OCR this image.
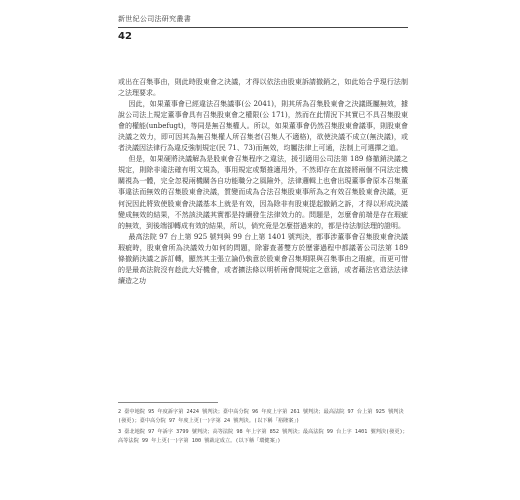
新世紀公司法研究叢書
42

或出在召集事由，則此時股東會之決議，才得以依法由股東訴請撤銷之，如此始合乎現行法制之法理要求。

因此，如果董事會已經違法召集議事(公 2041)，則其所為召集股東會之決議既屬無效，據說公司法上規定董事會具有召集股東會之權限(公 171)，然而在此情況下其實已不具召集股東會的權能(unbefugt)，等同是無召集權人。所以，如果董事會仍然召集股東會議事，則股東會決議之效力，即可因其為無召集權人所召集者(召集人不適格)，欲使決議不成立(無決議)，或者決議因法律行為違反強制規定(民 71、73)而無效，均屬法律上可通，法制上可選擇之道。

但是，如果硬將決議解為是股東會召集程序之違法，援引適用公司法第 189 條撤銷決議之規定，則除非違法確有明文規為，事用規定或類推適用外，不然即存在直接將兩個不同法定機關視為一體，完全忽視兩機關各自功能職分之風險外，法律邏輯上也會出現董事會原本召集董事違法而無效的召集股東會決議，質變而成為合法召集股東事所為之有效召集股東會決議，更何況因此將致使股東會決議基本上就是有效，因為除非有股東提起撤銷之訴，才得以形成決議變成無效的結果，不然該決議其實都是持續發生法律效力的。問題是，怎麼會前端是存在瑕疵的無效，到後端卻轉成有效的結果，所以，倘究竟是怎麼搭過來的，都是待法制法理的證明。

最高法院 97 台上第 925 號判與 99 台上第 1401 號判決，都事涉董事會召集股東會決議瑕疵時，股東會所為決議效力如何的問題，除審查著雙方於歷審過程中都議著公司法第 189 條撤銷決議之訴訂轉，顯然其主張立論仍執意於股東會召集期限與召集事由之瑕疵，而更可惜的是最高法院沒有趁此大好機會，或者擴法條以明析兩會間規定之意涵，或者藉法官造法法律續造之功

2 臺中地院 95 年度訴字第 2424 號判決；臺中高分院 96 年度上字第 261 號判決；最高法院 97 台上第 925 號判決(發更)；臺中高分院 97 年度上更(一)字第 24 號判決。(以下稱「裕隆案」)

3 臺北地院 97 年訴字 3799 號判決；高等法院 98 年上字第 852 號判決；最高法院 99 台上字 1401 號判決(發更)；高等法院 99 年上更(一)字第 100 號裁定成立。(以下稱「環健案」)
